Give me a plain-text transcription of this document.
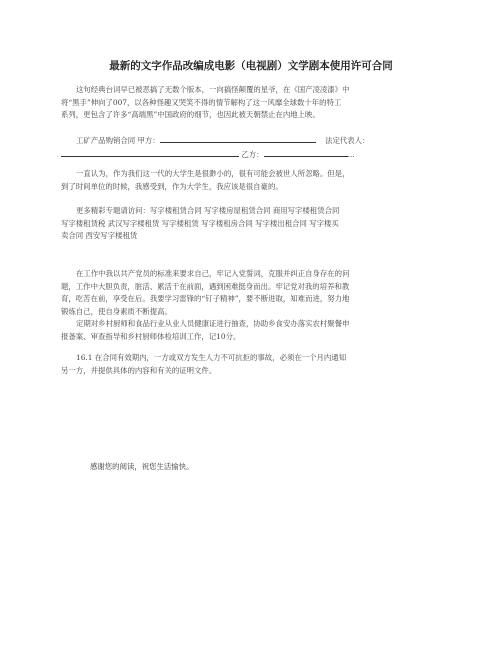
最新的文字作品改编成电影（电视剧）文学剧本使用许可合同
这句经典台词早已被恶搞了无数个版本，一向搞怪颠覆的星爷，在《国产凌凌漆》中
将“黑手”伸向了007，以各种怪趣又哭笑不得的情节解构了这一风靡全球数十年的特工
系列，更包含了许多“高端黑”中国政府的细节，也因此被天朝禁止在内地上映。
工矿产品购销合同 甲方：	法定代表人：
乙方：	...
一直认为，作为我们这一代的大学生是很渺小的，很有可能会被世人所忽略。但是，
到了时间单位的时候，我感受到，作为大学生，我应该是很自豪的。
更多精彩专题请访问：写字楼租赁合同 写字楼房屋租赁合同 商用写字楼租赁合同
写字楼租赁税 武汉写字楼租赁 写字楼租赁 写字楼租房合同 写字楼出租合同 写字楼买
卖合同 西安写字楼租赁
在工作中我以共产党员的标准来要求自己，牢记入党誓词，克服并纠正自身存在的问
题，工作中大胆负责，脏活、累活干在前面，遇到困难挺身而出。牢记党对我的培养和教
育，吃苦在前，享受在后。我要学习雷锋的“钉子精神”，要不断进取，知难而进，努力地
锻炼自己，使自身素质不断提高。
定期对乡村厨师和食品行业从业人员健康证进行抽查，协助乡食安办落实农村聚餐申
报备案、审查指导和乡村厨师体检培训工作，记10分。
16.1 在合同有效期内，一方或双方发生人力不可抗拒的事故，必须在一个月内通知
另一方，并提供具体的内容和有关的证明文件。
感谢您的阅读，祝您生活愉快。
